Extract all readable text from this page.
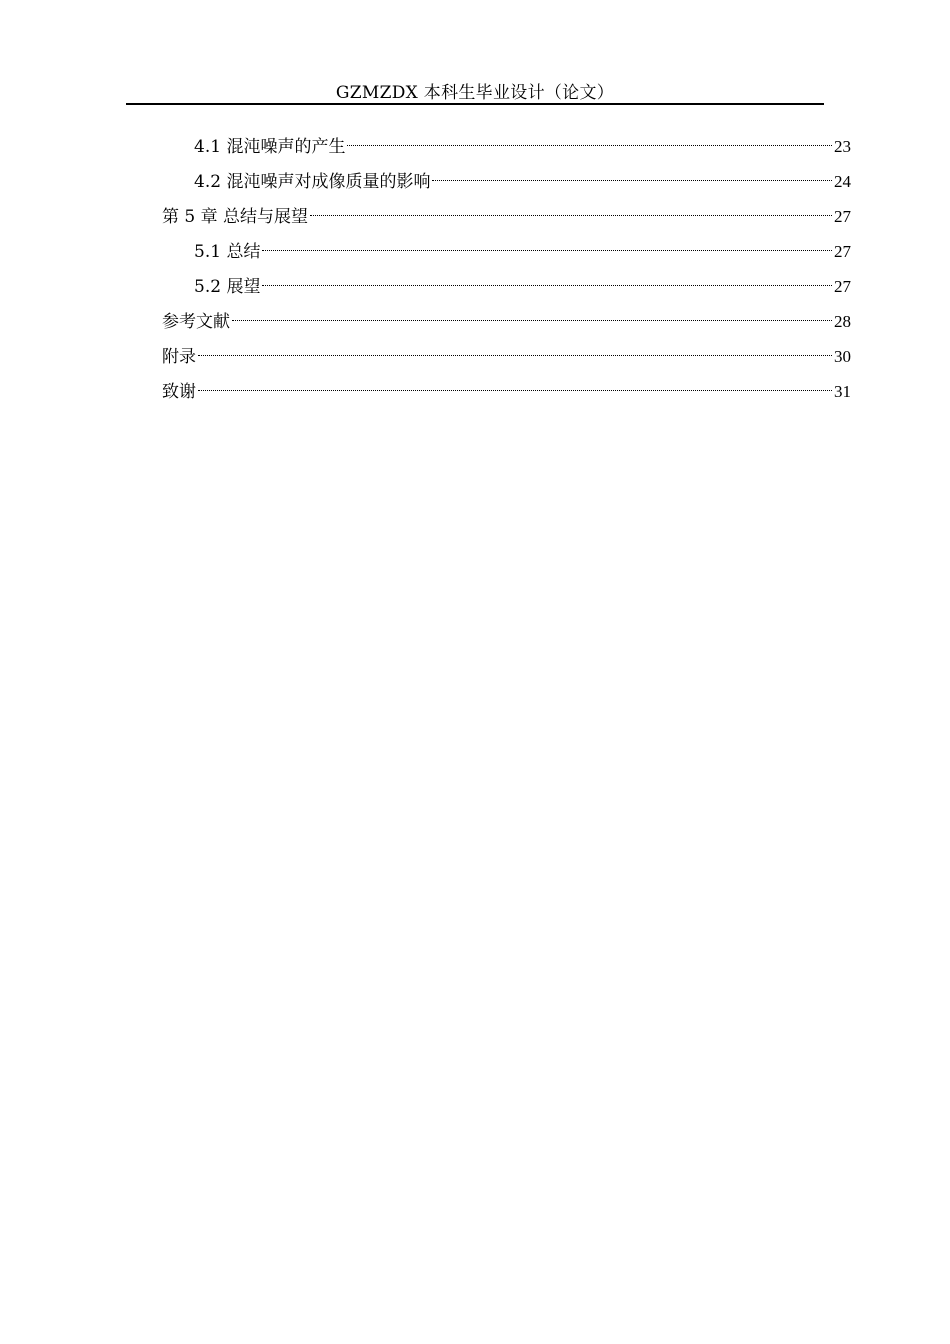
GZMZDX 本科生毕业设计（论文）
4.1 混沌噪声的产生	23
4.2 混沌噪声对成像质量的影响	24
第 5 章 总结与展望	27
5.1 总结	27
5.2 展望	27
参考文献	28
附录	30
致谢	31
